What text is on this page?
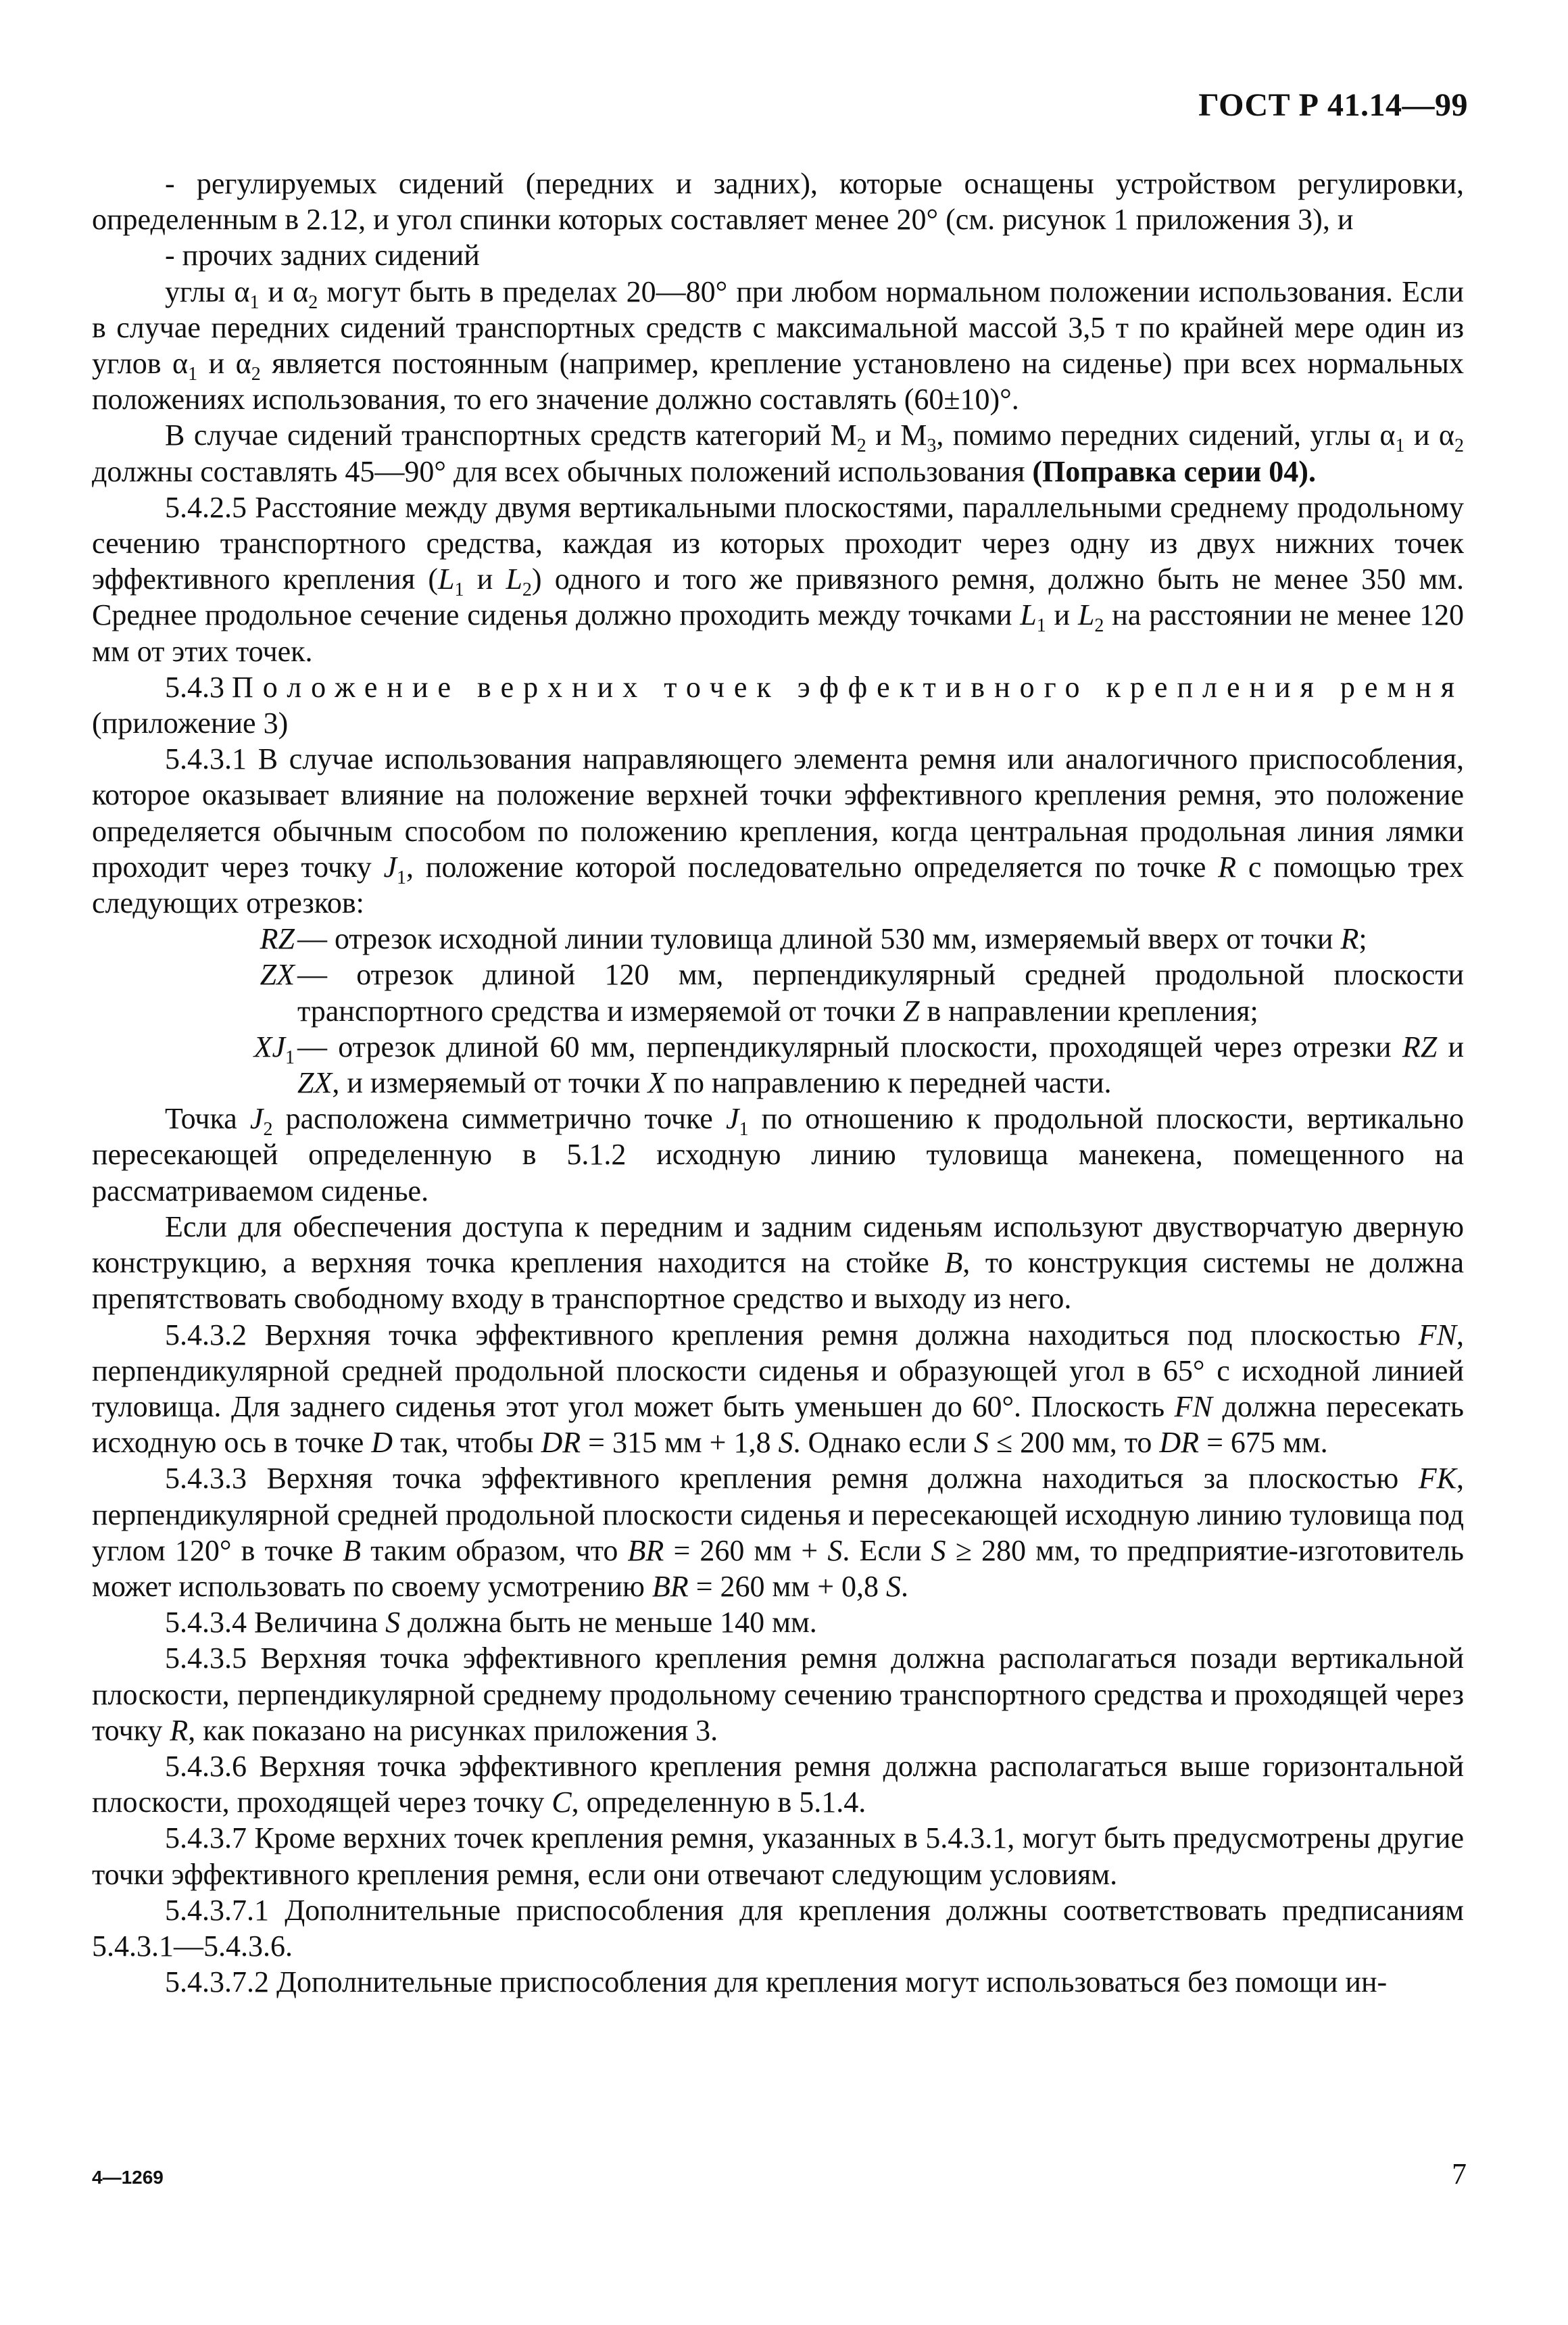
ГОСТ Р 41.14—99

- регулируемых сидений (передних и задних), которые оснащены устройством регулировки, определенным в 2.12, и угол спинки которых составляет менее 20° (см. рисунок 1 приложения 3), и

- прочих задних сидений

углы $\alpha_1$ и $\alpha_2$ могут быть в пределах 20—80° при любом нормальном положении использования. Если в случае передних сидений транспортных средств с максимальной массой 3,5 т по крайней мере один из углов $\alpha_1$ и $\alpha_2$ является постоянным (например, крепление установлено на сиденье) при всех нормальных положениях использования, то его значение должно составлять (60±10)°.

В случае сидений транспортных средств категорий $М_2$ и $М_3$, помимо передних сидений, углы $\alpha_1$ и $\alpha_2$ должны составлять 45—90° для всех обычных положений использования (Поправка серии 04).

5.4.2.5 Расстояние между двумя вертикальными плоскостями, параллельными среднему продольному сечению транспортного средства, каждая из которых проходит через одну из двух нижних точек эффективного крепления ($L_1$ и $L_2$) одного и того же привязного ремня, должно быть не менее 350 мм. Среднее продольное сечение сиденья должно проходить между точками $L_1$ и $L_2$ на расстоянии не менее 120 мм от этих точек.

5.4.3 Положение верхних точек эффективного крепления ремня (приложение 3)

5.4.3.1 В случае использования направляющего элемента ремня или аналогичного приспособления, которое оказывает влияние на положение верхней точки эффективного крепления ремня, это положение определяется обычным способом по положению крепления, когда центральная продольная линия лямки проходит через точку $J_1$, положение которой последовательно определяется по точке R с помощью трех следующих отрезков:

RZ — отрезок исходной линии туловища длиной 530 мм, измеряемый вверх от точки R;
ZX — отрезок длиной 120 мм, перпендикулярный средней продольной плоскости транспортного средства и измеряемой от точки Z в направлении крепления;
$XJ_1$ — отрезок длиной 60 мм, перпендикулярный плоскости, проходящей через отрезки RZ и ZX, и измеряемый от точки X по направлению к передней части.

Точка $J_2$ расположена симметрично точке $J_1$ по отношению к продольной плоскости, вертикально пересекающей определенную в 5.1.2 исходную линию туловища манекена, помещенного на рассматриваемом сиденье.

Если для обеспечения доступа к передним и задним сиденьям используют двустворчатую дверную конструкцию, а верхняя точка крепления находится на стойке B, то конструкция системы не должна препятствовать свободному входу в транспортное средство и выходу из него.

5.4.3.2 Верхняя точка эффективного крепления ремня должна находиться под плоскостью FN, перпендикулярной средней продольной плоскости сиденья и образующей угол в 65° с исходной линией туловища. Для заднего сиденья этот угол может быть уменьшен до 60°. Плоскость FN должна пересекать исходную ось в точке D так, чтобы DR = 315 мм + 1,8 S. Однако если S ≤ 200 мм, то DR = 675 мм.

5.4.3.3 Верхняя точка эффективного крепления ремня должна находиться за плоскостью FK, перпендикулярной средней продольной плоскости сиденья и пересекающей исходную линию туловища под углом 120° в точке B таким образом, что BR = 260 мм + S. Если S ≥ 280 мм, то предприятие-изготовитель может использовать по своему усмотрению BR = 260 мм + 0,8 S.

5.4.3.4 Величина S должна быть не меньше 140 мм.

5.4.3.5 Верхняя точка эффективного крепления ремня должна располагаться позади вертикальной плоскости, перпендикулярной среднему продольному сечению транспортного средства и проходящей через точку R, как показано на рисунках приложения 3.

5.4.3.6 Верхняя точка эффективного крепления ремня должна располагаться выше горизонтальной плоскости, проходящей через точку C, определенную в 5.1.4.

5.4.3.7 Кроме верхних точек крепления ремня, указанных в 5.4.3.1, могут быть предусмотрены другие точки эффективного крепления ремня, если они отвечают следующим условиям.

5.4.3.7.1 Дополнительные приспособления для крепления должны соответствовать предписаниям 5.4.3.1—5.4.3.6.

5.4.3.7.2 Дополнительные приспособления для крепления могут использоваться без помощи ин-

4—1269	7
